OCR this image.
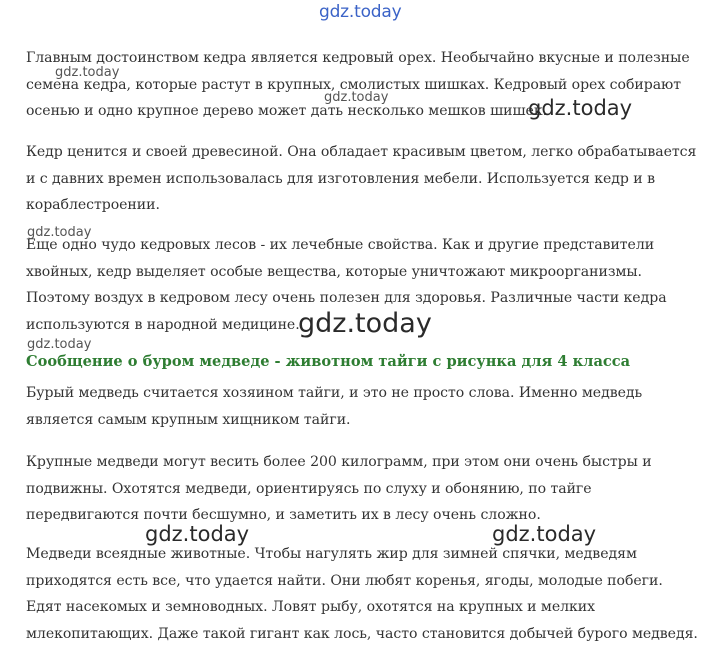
gdz.today

Главным достоинством кедра является кедровый орех. Необычайно вкусные и полезные семена кедра, которые растут в крупных, смолистых шишках. Кедровый орех собирают осенью и одно крупное дерево может дать несколько мешков шишек.

Кедр ценится и своей древесиной. Она обладает красивым цветом, легко обрабатывается и с давних времен использовалась для изготовления мебели. Используется кедр и в кораблестроении.

Еще одно чудо кедровых лесов - их лечебные свойства. Как и другие представители хвойных, кедр выделяет особые вещества, которые уничтожают микроорганизмы. Поэтому воздух в кедровом лесу очень полезен для здоровья. Различные части кедра используются в народной медицине.

Сообщение о буром медведе - животном тайги с рисунка для 4 класса

Бурый медведь считается хозяином тайги, и это не просто слова. Именно медведь является самым крупным хищником тайги.

Крупные медведи могут весить более 200 килограмм, при этом они очень быстры и подвижны. Охотятся медведи, ориентируясь по слуху и обонянию, по тайге передвигаются почти бесшумно, и заметить их в лесу очень сложно.

Медведи всеядные животные. Чтобы нагулять жир для зимней спячки, медведям приходятся есть все, что удается найти. Они любят коренья, ягоды, молодые побеги. Едят насекомых и земноводных. Ловят рыбу, охотятся на крупных и мелких млекопитающих. Даже такой гигант как лось, часто становится добычей бурого медведя.

gdz.today
gdz.today	gdz.today
gdz.today
gdz.today
gdz.today
gdz.today	gdz.today
